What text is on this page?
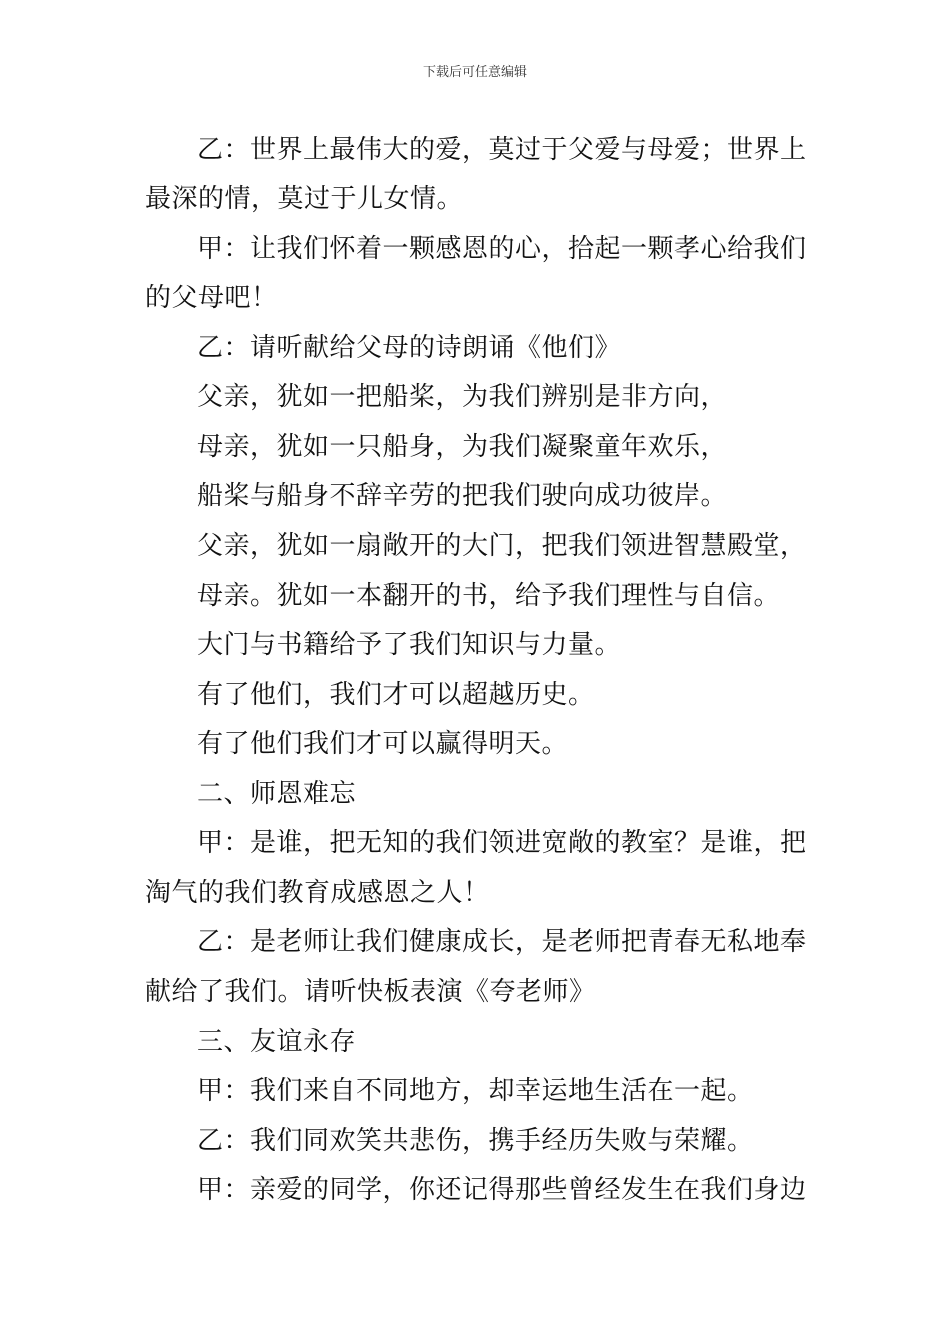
下载后可任意编辑
乙：世界上最伟大的爱，莫过于父爱与母爱；世界上
最深的情，莫过于儿女情。
甲：让我们怀着一颗感恩的心，拾起一颗孝心给我们
的父母吧！
乙：请听献给父母的诗朗诵《他们》
父亲，犹如一把船桨，为我们辨别是非方向，
母亲，犹如一只船身，为我们凝聚童年欢乐，
船桨与船身不辞辛劳的把我们驶向成功彼岸。
父亲，犹如一扇敞开的大门，把我们领进智慧殿堂，
母亲。犹如一本翻开的书，给予我们理性与自信。
大门与书籍给予了我们知识与力量。
有了他们，我们才可以超越历史。
有了他们我们才可以赢得明天。
二、师恩难忘
甲：是谁，把无知的我们领进宽敞的教室？是谁，把
淘气的我们教育成感恩之人！
乙：是老师让我们健康成长，是老师把青春无私地奉
献给了我们。请听快板表演《夸老师》
三、友谊永存
甲：我们来自不同地方，却幸运地生活在一起。
乙：我们同欢笑共悲伤，携手经历失败与荣耀。
甲：亲爱的同学，你还记得那些曾经发生在我们身边
